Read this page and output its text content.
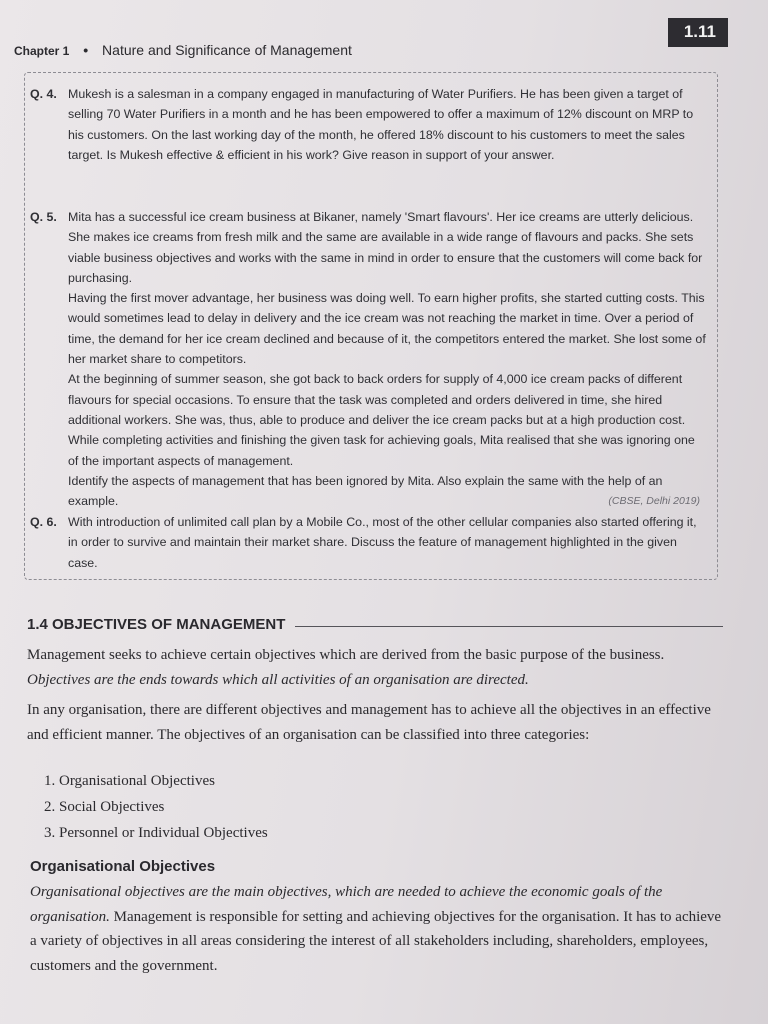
1.11
Chapter 1 • Nature and Significance of Management
Q. 4. Mukesh is a salesman in a company engaged in manufacturing of Water Purifiers. He has been given a target of selling 70 Water Purifiers in a month and he has been empowered to offer a maximum of 12% discount on MRP to his customers. On the last working day of the month, he offered 18% discount to his customers to meet the sales target. Is Mukesh effective & efficient in his work? Give reason in support of your answer.

Q. 5. Mita has a successful ice cream business at Bikaner, namely 'Smart flavours'. Her ice creams are utterly delicious. She makes ice creams from fresh milk and the same are available in a wide range of flavours and packs. She sets viable business objectives and works with the same in mind in order to ensure that the customers will come back for purchasing.

Having the first mover advantage, her business was doing well. To earn higher profits, she started cutting costs. This would sometimes lead to delay in delivery and the ice cream was not reaching the market in time. Over a period of time, the demand for her ice cream declined and because of it, the competitors entered the market. She lost some of her market share to competitors.

At the beginning of summer season, she got back to back orders for supply of 4,000 ice cream packs of different flavours for special occasions. To ensure that the task was completed and orders delivered in time, she hired additional workers. She was, thus, able to produce and deliver the ice cream packs but at a high production cost. While completing activities and finishing the given task for achieving goals, Mita realised that she was ignoring one of the important aspects of management.

Identify the aspects of management that has been ignored by Mita. Also explain the same with the help of an example.	(CBSE, Delhi 2019)

Q. 6. With introduction of unlimited call plan by a Mobile Co., most of the other cellular companies also started offering it, in order to survive and maintain their market share. Discuss the feature of management highlighted in the given case.

1.4 OBJECTIVES OF MANAGEMENT

Management seeks to achieve certain objectives which are derived from the basic purpose of the business. Objectives are the ends towards which all activities of an organisation are directed.

In any organisation, there are different objectives and management has to achieve all the objectives in an effective and efficient manner. The objectives of an organisation can be classified into three categories:

1. Organisational Objectives
2. Social Objectives
3. Personnel or Individual Objectives
Organisational Objectives

Organisational objectives are the main objectives, which are needed to achieve the economic goals of the organisation. Management is responsible for setting and achieving objectives for the organisation. It has to achieve a variety of objectives in all areas considering the interest of all stakeholders including, shareholders, employees, customers and the government.
